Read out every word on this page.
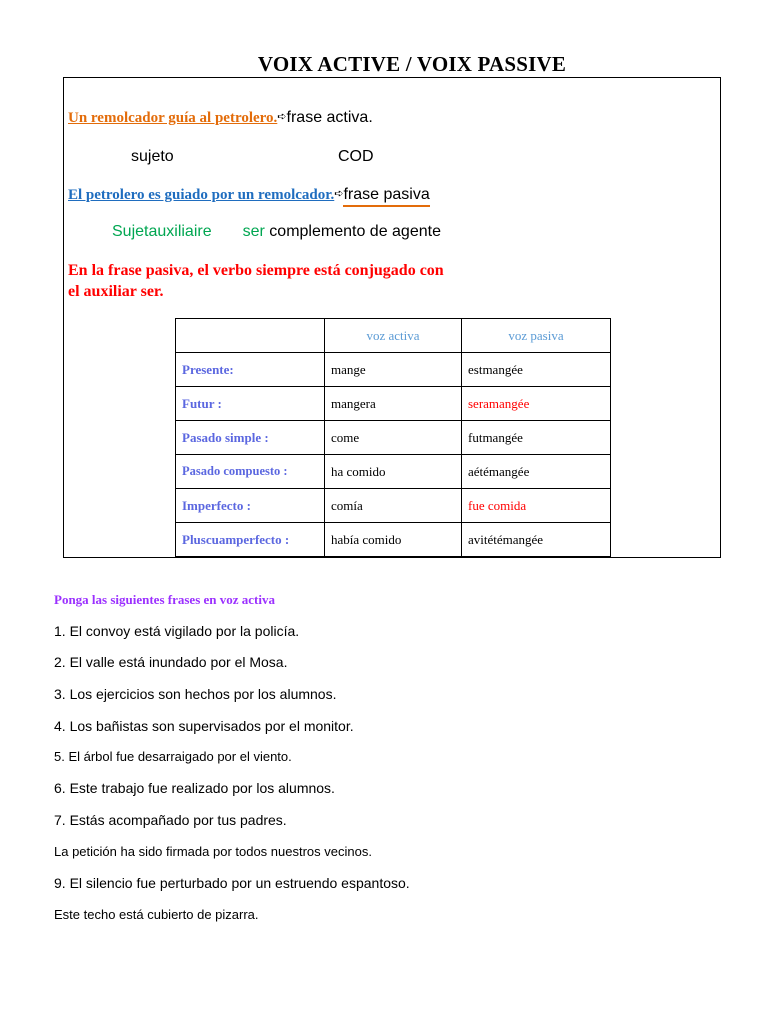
VOIX ACTIVE / VOIX PASSIVE
Un remolcador guía al petrolero.➪frase activa.
sujeto	COD
El petrolero es guiado por un remolcador.➪frase pasiva
Sujetauxiliaire ser complemento de agente
En la frase pasiva, el verbo siempre está conjugado con
el auxiliar ser.
	voz activa	voz pasiva
Presente:	mange	estmangée
Futur :	mangera	seramangée
Pasado simple :	come	futmangée
Pasado compuesto :	ha comido	aétémangée
Imperfecto :	comía	fue comida
Pluscuamperfecto :	había comido	avitétémangée
Ponga las siguientes frases en voz activa
1. El convoy está vigilado por la policía.
2. El valle está inundado por el Mosa.
3. Los ejercicios son hechos por los alumnos.
4. Los bañistas son supervisados por el monitor.
5. El árbol fue desarraigado por el viento.
6. Este trabajo fue realizado por los alumnos.
7. Estás acompañado por tus padres.
La petición ha sido firmada por todos nuestros vecinos.
9. El silencio fue perturbado por un estruendo espantoso.
Este techo está cubierto de pizarra.
